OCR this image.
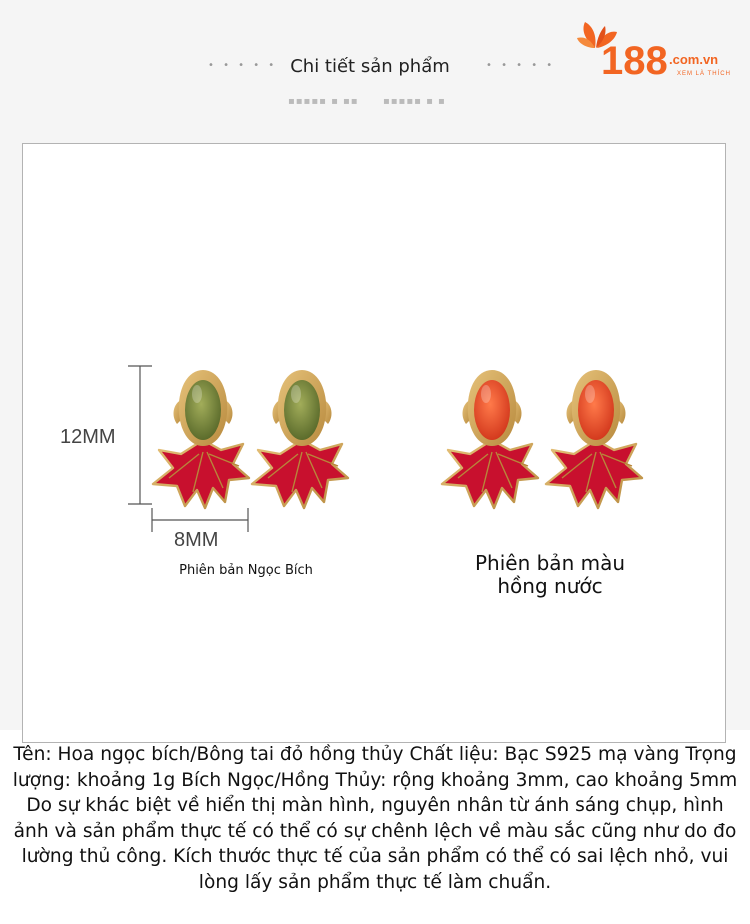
• • • • • Chi tiết sản phẩm	• • • • •
▪▪▪▪▪ ▪ ▪▪ ▪▪▪▪▪ ▪ ▪
188 .com.vn
XEM LÀ THÍCH
12MM
8MM
Phiên bản Ngọc Bích	Phiên bản màu hồng nước
Tên: Hoa ngọc bích/Bông tai đỏ hồng thủy Chất liệu: Bạc S925 mạ vàng Trọng lượng: khoảng 1g Bích Ngọc/Hồng Thủy: rộng khoảng 3mm, cao khoảng 5mm Do sự khác biệt về hiển thị màn hình, nguyên nhân từ ánh sáng chụp, hình ảnh và sản phẩm thực tế có thể có sự chênh lệch về màu sắc cũng như do đo lường thủ công. Kích thước thực tế của sản phẩm có thể có sai lệch nhỏ, vui lòng lấy sản phẩm thực tế làm chuẩn.
